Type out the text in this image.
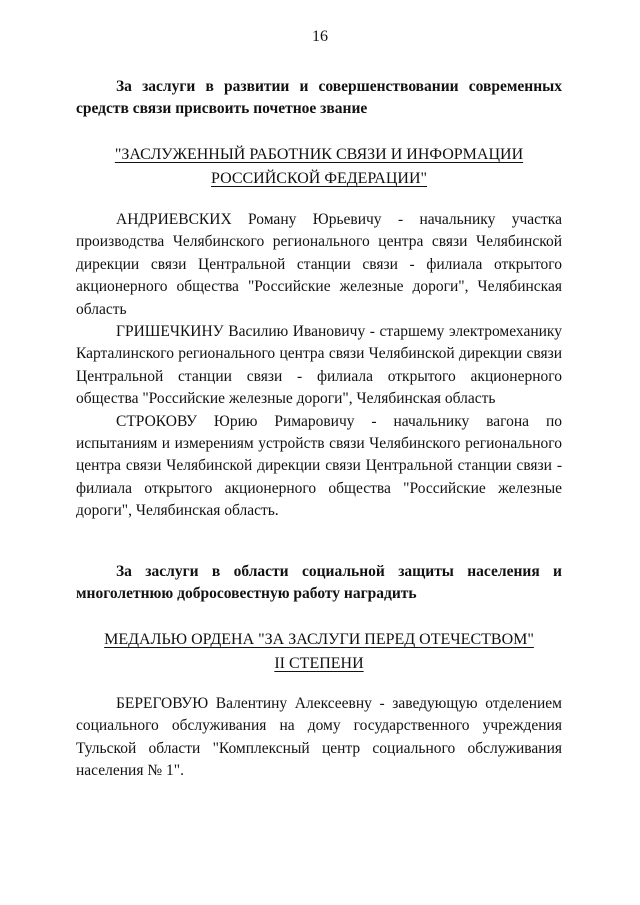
16
За заслуги в развитии и совершенствовании современных средств связи присвоить почетное звание
"ЗАСЛУЖЕННЫЙ РАБОТНИК СВЯЗИ И ИНФОРМАЦИИ
РОССИЙСКОЙ ФЕДЕРАЦИИ"

АНДРИЕВСКИХ Роману Юрьевичу - начальнику участка производства Челябинского регионального центра связи Челябинской дирекции связи Центральной станции связи - филиала открытого акционерного общества "Российские железные дороги", Челябинская область

ГРИШЕЧКИНУ Василию Ивановичу - старшему электромеханику Карталинского регионального центра связи Челябинской дирекции связи Центральной станции связи - филиала открытого акционерного общества "Российские железные дороги", Челябинская область

СТРОКОВУ Юрию Римаровичу - начальнику вагона по испытаниям и измерениям устройств связи Челябинского регионального центра связи Челябинской дирекции связи Центральной станции связи - филиала открытого акционерного общества "Российские железные дороги", Челябинская область.

За заслуги в области социальной защиты населения и многолетнюю добросовестную работу наградить
МЕДАЛЬЮ ОРДЕНА "ЗА ЗАСЛУГИ ПЕРЕД ОТЕЧЕСТВОМ"
II СТЕПЕНИ

БЕРЕГОВУЮ Валентину Алексеевну - заведующую отделением социального обслуживания на дому государственного учреждения Тульской области "Комплексный центр социального обслуживания населения № 1".
